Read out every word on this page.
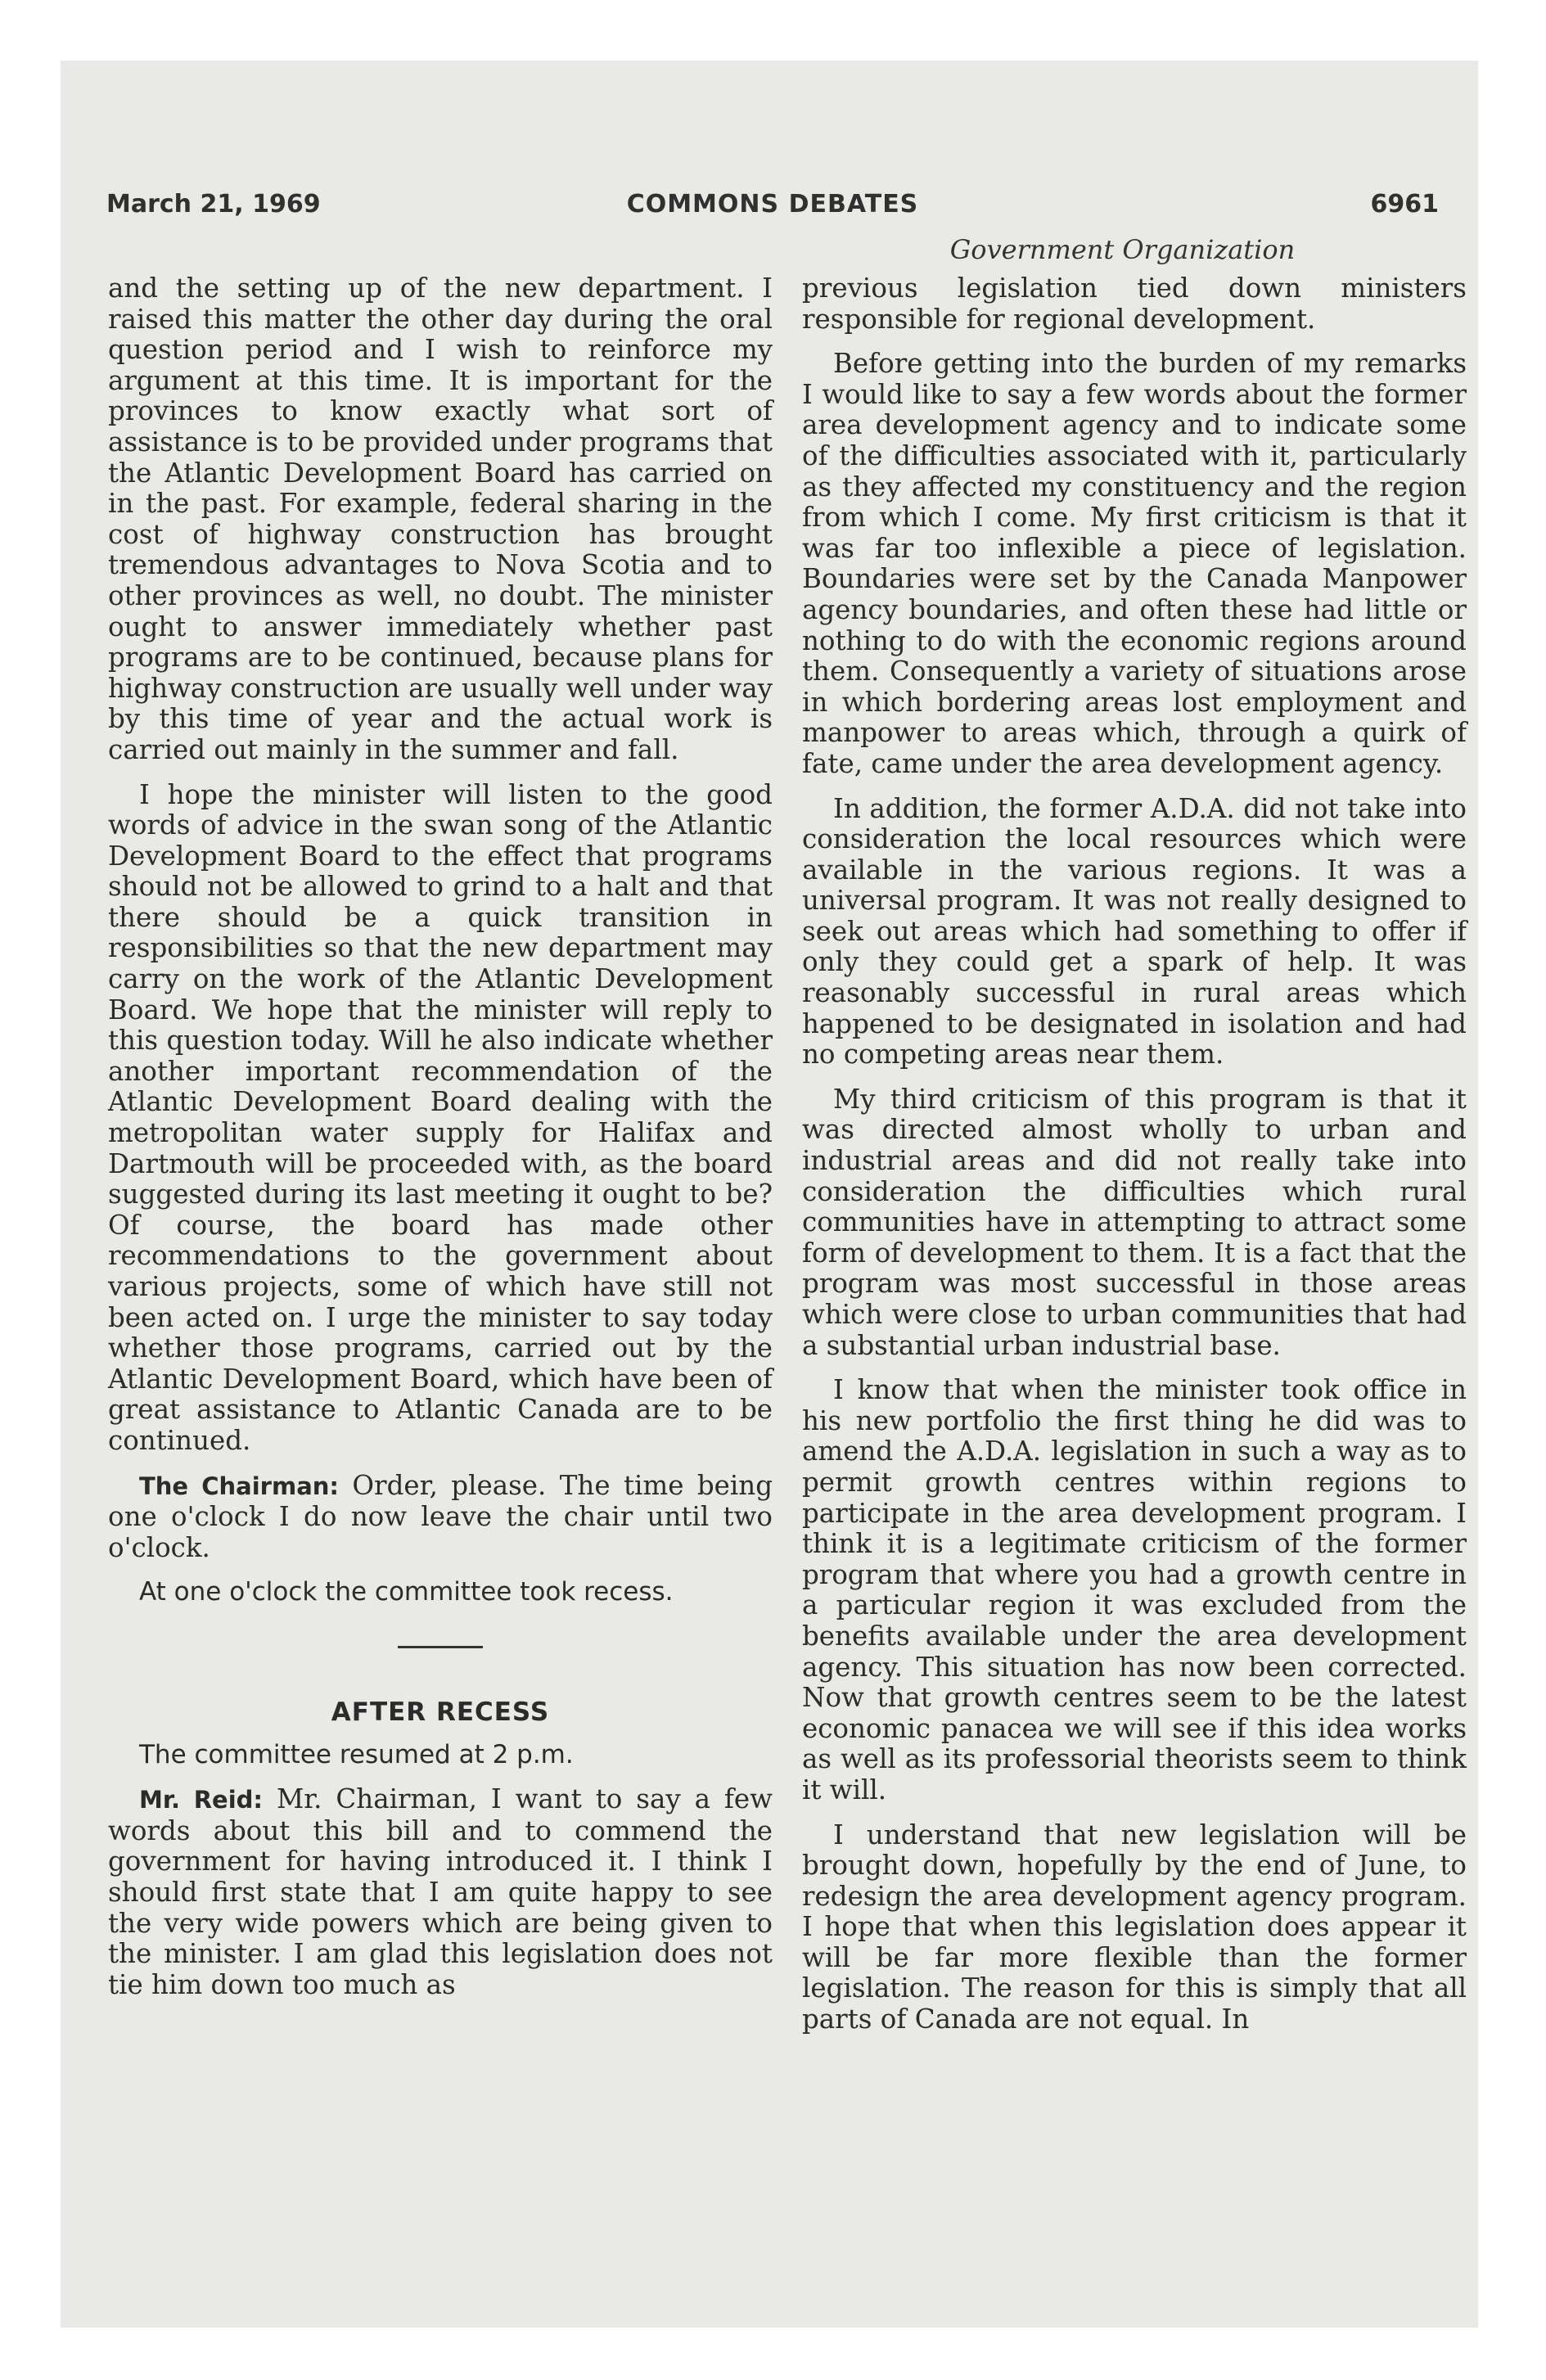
March 21, 1969	COMMONS DEBATES	6961
Government Organization

and the setting up of the new department. I raised this matter the other day during the oral question period and I wish to reinforce my argument at this time. It is important for the provinces to know exactly what sort of assistance is to be provided under programs that the Atlantic Development Board has carried on in the past. For example, federal sharing in the cost of highway construction has brought tremendous advantages to Nova Scotia and to other provinces as well, no doubt. The minister ought to answer immediately whether past programs are to be continued, because plans for highway construction are usually well under way by this time of year and the actual work is carried out mainly in the summer and fall.

I hope the minister will listen to the good words of advice in the swan song of the Atlantic Development Board to the effect that programs should not be allowed to grind to a halt and that there should be a quick transition in responsibilities so that the new department may carry on the work of the Atlantic Development Board. We hope that the minister will reply to this question today. Will he also indicate whether another important recommendation of the Atlantic Development Board dealing with the metropolitan water supply for Halifax and Dartmouth will be proceeded with, as the board suggested during its last meeting it ought to be? Of course, the board has made other recommendations to the government about various projects, some of which have still not been acted on. I urge the minister to say today whether those programs, carried out by the Atlantic Development Board, which have been of great assistance to Atlantic Canada are to be continued.

The Chairman: Order, please. The time being one o'clock I do now leave the chair until two o'clock.

At one o'clock the committee took recess.

AFTER RECESS

The committee resumed at 2 p.m.

Mr. Reid: Mr. Chairman, I want to say a few words about this bill and to commend the government for having introduced it. I think I should first state that I am quite happy to see the very wide powers which are being given to the minister. I am glad this legislation does not tie him down too much as

previous legislation tied down ministers responsible for regional development.

Before getting into the burden of my remarks I would like to say a few words about the former area development agency and to indicate some of the difficulties associated with it, particularly as they affected my constituency and the region from which I come. My first criticism is that it was far too inflexible a piece of legislation. Boundaries were set by the Canada Manpower agency boundaries, and often these had little or nothing to do with the economic regions around them. Consequently a variety of situations arose in which bordering areas lost employment and manpower to areas which, through a quirk of fate, came under the area development agency.

In addition, the former A.D.A. did not take into consideration the local resources which were available in the various regions. It was a universal program. It was not really designed to seek out areas which had something to offer if only they could get a spark of help. It was reasonably successful in rural areas which happened to be designated in isolation and had no competing areas near them.

My third criticism of this program is that it was directed almost wholly to urban and industrial areas and did not really take into consideration the difficulties which rural communities have in attempting to attract some form of development to them. It is a fact that the program was most successful in those areas which were close to urban communities that had a substantial urban industrial base.

I know that when the minister took office in his new portfolio the first thing he did was to amend the A.D.A. legislation in such a way as to permit growth centres within regions to participate in the area development program. I think it is a legitimate criticism of the former program that where you had a growth centre in a particular region it was excluded from the benefits available under the area development agency. This situation has now been corrected. Now that growth centres seem to be the latest economic panacea we will see if this idea works as well as its professorial theorists seem to think it will.

I understand that new legislation will be brought down, hopefully by the end of June, to redesign the area development agency program. I hope that when this legislation does appear it will be far more flexible than the former legislation. The reason for this is simply that all parts of Canada are not equal. In
